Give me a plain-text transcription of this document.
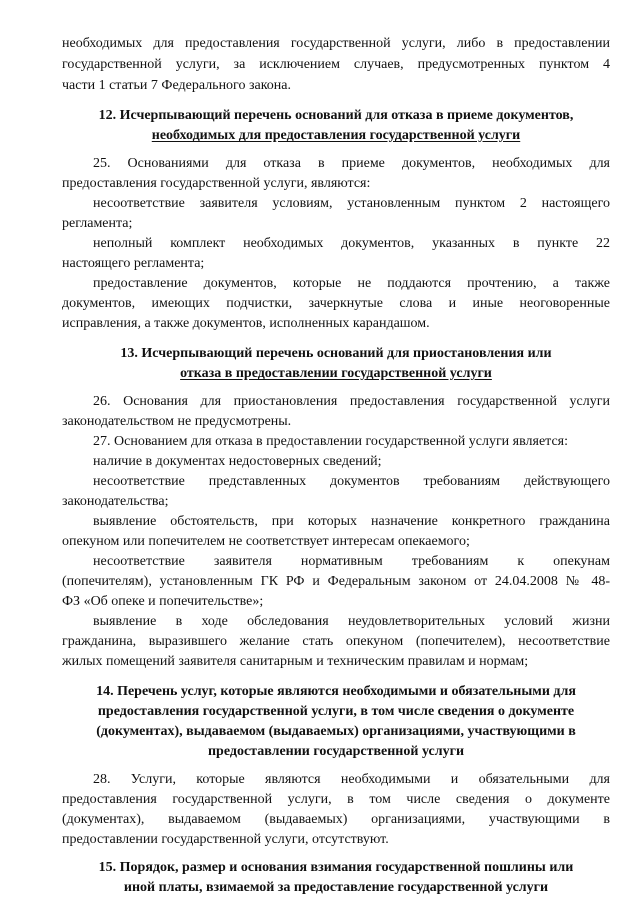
необходимых для предоставления государственной услуги, либо в предоставлении
государственной услуги, за исключением случаев, предусмотренных пунктом 4
части 1 статьи 7 Федерального закона.
12. Исчерпывающий перечень оснований для отказа в приеме документов,
необходимых для предоставления государственной услуги
25. Основаниями для отказа в приеме документов, необходимых для
предоставления государственной услуги, являются:
несоответствие заявителя условиям, установленным пунктом 2 настоящего
регламента;
неполный комплект необходимых документов, указанных в пункте 22
настоящего регламента;
предоставление документов, которые не поддаются прочтению, а также
документов, имеющих подчистки, зачеркнутые слова и иные неоговоренные
исправления, а также документов, исполненных карандашом.
13. Исчерпывающий перечень оснований для приостановления или
отказа в предоставлении государственной услуги
26. Основания для приостановления предоставления государственной услуги
законодательством не предусмотрены.
27. Основанием для отказа в предоставлении государственной услуги является:
наличие в документах недостоверных сведений;
несоответствие представленных документов требованиям действующего
законодательства;
выявление обстоятельств, при которых назначение конкретного гражданина
опекуном или попечителем не соответствует интересам опекаемого;
несоответствие заявителя нормативным требованиям к опекунам
(попечителям), установленным ГК РФ и Федеральным законом от 24.04.2008 № 48-
ФЗ «Об опеке и попечительстве»;
выявление в ходе обследования неудовлетворительных условий жизни
гражданина, выразившего желание стать опекуном (попечителем), несоответствие
жилых помещений заявителя санитарным и техническим правилам и нормам;
14. Перечень услуг, которые являются необходимыми и обязательными для
предоставления государственной услуги, в том числе сведения о документе
(документах), выдаваемом (выдаваемых) организациями, участвующими в
предоставлении государственной услуги
28. Услуги, которые являются необходимыми и обязательными для
предоставления государственной услуги, в том числе сведения о документе
(документах), выдаваемом (выдаваемых) организациями, участвующими в
предоставлении государственной услуги, отсутствуют.
15. Порядок, размер и основания взимания государственной пошлины или
иной платы, взимаемой за предоставление государственной услуги
